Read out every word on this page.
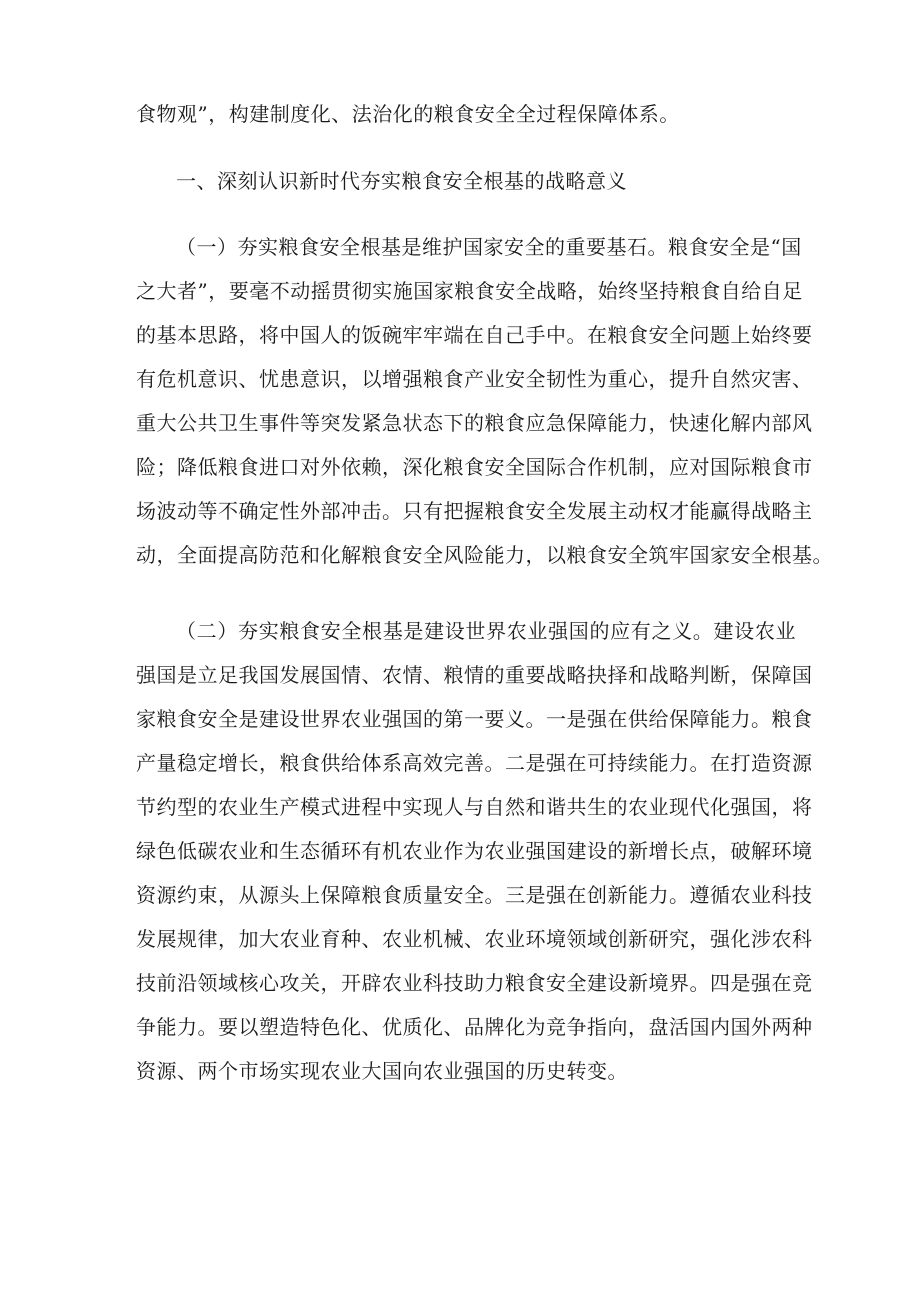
食物观”，构建制度化、法治化的粮食安全全过程保障体系。
一、深刻认识新时代夯实粮食安全根基的战略意义
（一）夯实粮食安全根基是维护国家安全的重要基石。粮食安全是“国
之大者”，要毫不动摇贯彻实施国家粮食安全战略，始终坚持粮食自给自足
的基本思路，将中国人的饭碗牢牢端在自己手中。在粮食安全问题上始终要
有危机意识、忧患意识，以增强粮食产业安全韧性为重心，提升自然灾害、
重大公共卫生事件等突发紧急状态下的粮食应急保障能力，快速化解内部风
险；降低粮食进口对外依赖，深化粮食安全国际合作机制，应对国际粮食市
场波动等不确定性外部冲击。只有把握粮食安全发展主动权才能赢得战略主
动，全面提高防范和化解粮食安全风险能力，以粮食安全筑牢国家安全根基。
（二）夯实粮食安全根基是建设世界农业强国的应有之义。建设农业
强国是立足我国发展国情、农情、粮情的重要战略抉择和战略判断，保障国
家粮食安全是建设世界农业强国的第一要义。一是强在供给保障能力。粮食
产量稳定增长，粮食供给体系高效完善。二是强在可持续能力。在打造资源
节约型的农业生产模式进程中实现人与自然和谐共生的农业现代化强国，将
绿色低碳农业和生态循环有机农业作为农业强国建设的新增长点，破解环境
资源约束，从源头上保障粮食质量安全。三是强在创新能力。遵循农业科技
发展规律，加大农业育种、农业机械、农业环境领域创新研究，强化涉农科
技前沿领域核心攻关，开辟农业科技助力粮食安全建设新境界。四是强在竞
争能力。要以塑造特色化、优质化、品牌化为竞争指向，盘活国内国外两种
资源、两个市场实现农业大国向农业强国的历史转变。
